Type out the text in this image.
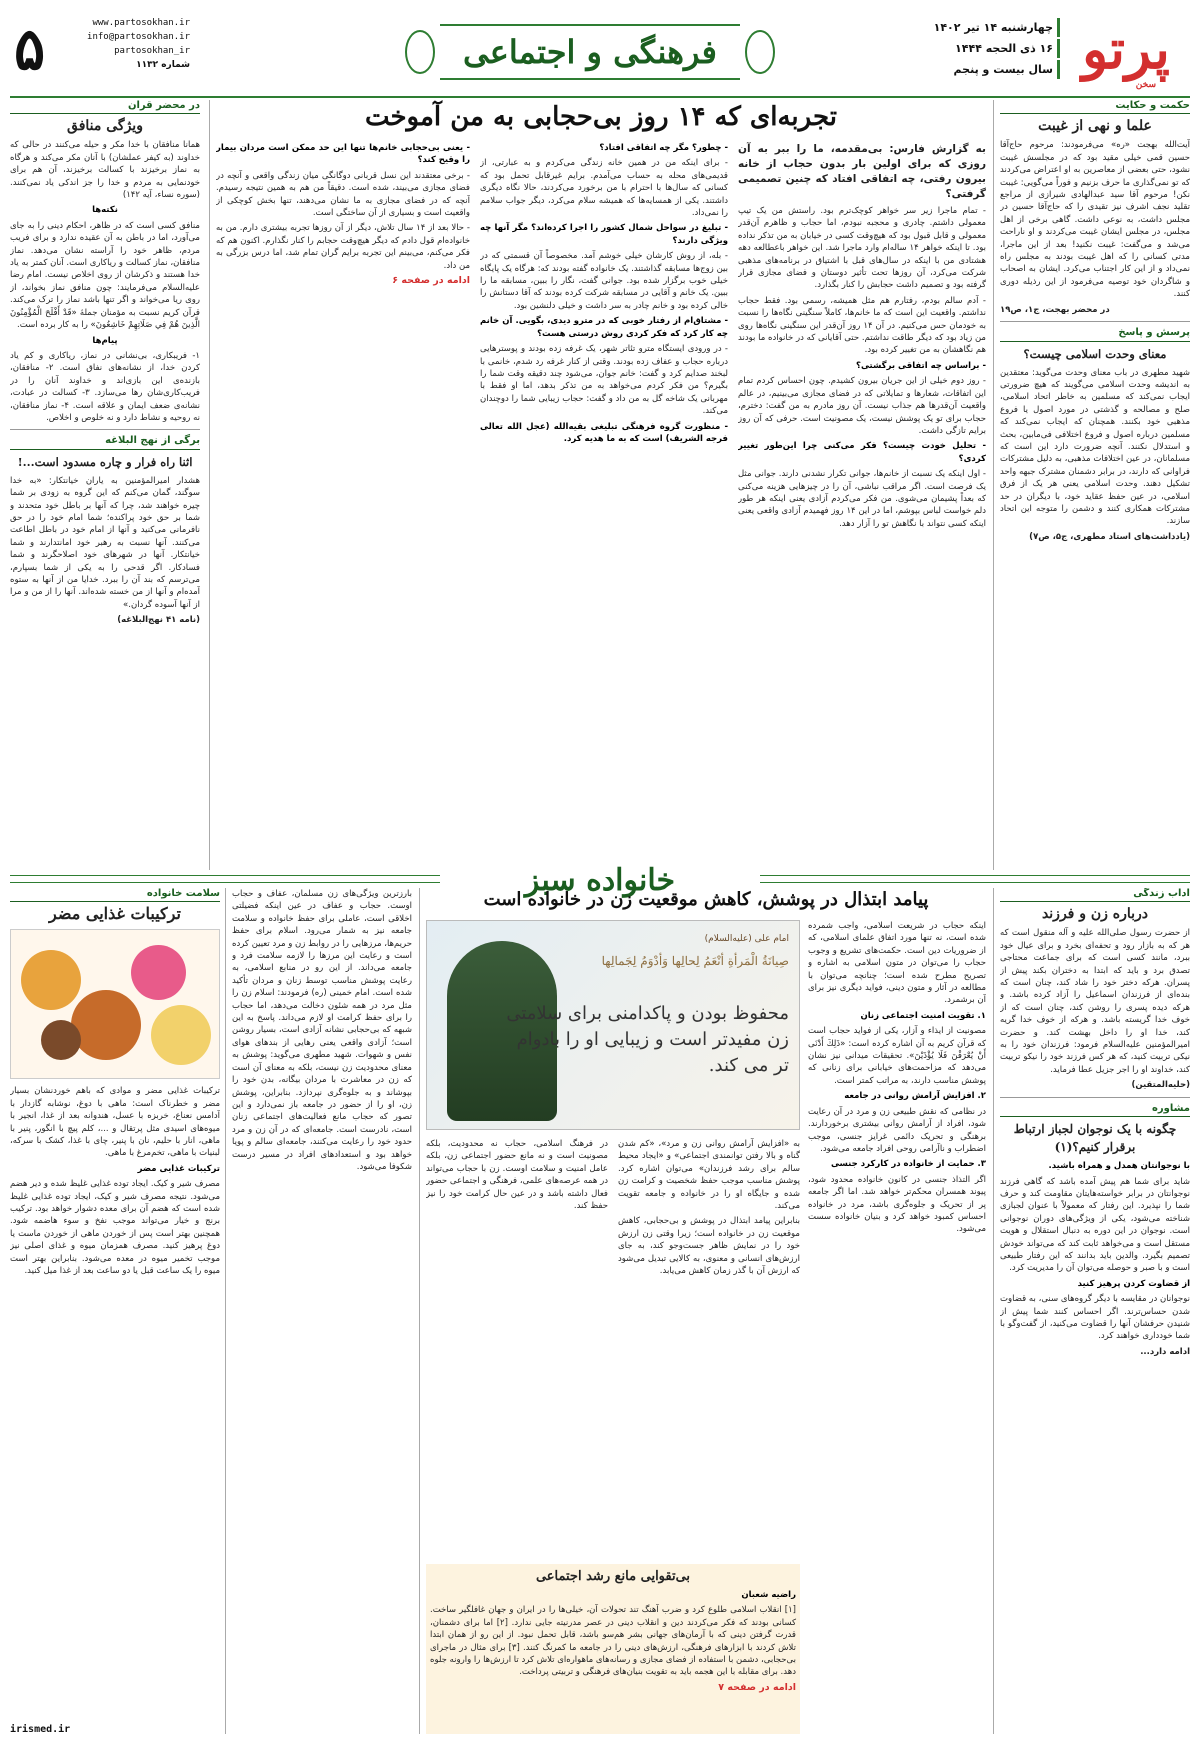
پرتو
سخن
چهارشنبه ۱۴ تیر ۱۴۰۲
۱۶ ذی الحجه ۱۴۴۴
سال بیست و پنجم
فرهنگی و اجتماعی
www.partosokhan.ir
info@partosokhan.ir
partosokhan_ir
شماره ۱۱۳۲
۵
حکمت و حکایت
علما و نهی از غیبت

آیت‌الله بهجت «ره» می‌فرمودند: مرحوم حاج‌آقا حسین قمی خیلی مقید بود که در مجلسش غیبت نشود، حتی بعضی از معاصرین به او اعتراض می‌کردند که تو نمی‌گذاری ما حرف بزنیم و فوراً می‌گویی: غیبت نکن! مرحوم آقا سید عبدالهادی شیرازی از مراجع تقلید نجف اشرف نیز تقیدی را که حاج‌آقا حسین در مجلس داشت، به نوعی داشت. گاهی برخی از اهل مجلس، در مجلس ایشان غیبت می‌کردند و او ناراحت می‌شد و می‌گفت: غیبت نکنید! بعد از این ماجرا، مدتی کسانی را که اهل غیبت بودند به مجلس راه نمی‌داد و از این کار اجتناب می‌کرد. ایشان به اصحاب و شاگردان خود توصیه می‌فرمود از این رذیله دوری کنند.

در محضر بهجت، ج۱، ص۱۹

پرسش و پاسخ
معنای وحدت اسلامی چیست؟

شهید مطهری در باب معنای وحدت می‌گوید: معتقدین به اندیشه وحدت اسلامی می‌گویند که هیچ ضرورتی ایجاب نمی‌کند که مسلمین به خاطر اتحاد اسلامی، صلح و مصالحه و گذشتی در مورد اصول یا فروع مذهبی خود بکنند. همچنان که ایجاب نمی‌کند که مسلمین درباره اصول و فروع اختلافی فی‌مابین، بحث و استدلال نکنند. آنچه ضرورت دارد این است که مسلمانان، در عین اختلافات مذهبی، به دلیل مشترکات فراوانی که دارند، در برابر دشمنان مشترک جبهه واحد تشکیل دهند. وحدت اسلامی یعنی هر یک از فرق اسلامی، در عین حفظ عقاید خود، با دیگران در حد مشترکات همکاری کنند و دشمن را متوجه این اتحاد سازند.

(یادداشت‌های استاد مطهری، ج۵، ص۷)

تجربه‌ای که ۱۴ روز بی‌حجابی به من آموخت

به گزارش فارس: بی‌مقدمه، ما را ببر به آن روزی که برای اولین بار بدون حجاب از خانه بیرون رفتی، چه اتفاقی افتاد که چنین تصمیمی گرفتی؟

- تمام ماجرا زیر سر خواهر کوچک‌ترم بود. راستش من یک تیپ معمولی داشتم. چادری و محجبه نبودم، اما حجاب و ظاهرم آن‌قدر معمولی و قابل قبول بود که هیچ‌وقت کسی در خیابان به من تذکر نداده بود. تا اینکه خواهر ۱۴ ساله‌ام وارد ماجرا شد. این خواهر باعطالعه دهه هشتادی من با اینکه در سال‌های قبل با اشتیاق در برنامه‌های مذهبی شرکت می‌کرد، آن روزها تحت تأثیر دوستان و فضای مجازی قرار گرفته بود و تصمیم داشت حجابش را کنار بگذارد.

- آدم سالم بودم، رفتارم هم مثل همیشه، رسمی بود. فقط حجاب نداشتم. واقعیت این است که ما خانم‌ها، کاملاً سنگینی نگاه‌ها را نسبت به خودمان حس می‌کنیم. در آن ۱۴ روز آن‌قدر این سنگینی نگاه‌ها روی من زیاد بود که دیگر طاقت نداشتم. حتی آقایانی که در خانواده ما بودند هم نگاهشان به من تغییر کرده بود.

- براساس چه اتفاقی برگشتی؟

- روز دوم خیلی از این جریان بیرون کشیدم. چون احساس کردم تمام این اتفاقات، شعارها و تمایلاتی که در فضای مجازی می‌بینیم، در عالم واقعیت آن‌قدرها هم جذاب نیست. آن روز مادرم به من گفت: دخترم، حجاب برای تو یک پوشش نیست، یک مصونیت است. حرفی که آن روز برایم تازگی داشت.

- تحلیل خودت چیست؟ فکر می‌کنی چرا این‌طور تغییر کردی؟

- اول اینکه یک نسبت از خانم‌ها، جوانی تکرار نشدنی دارند. جوانی مثل یک فرصت است. اگر مراقب نباشی، آن را در چیزهایی هزینه می‌کنی که بعداً پشیمان می‌شوی. من فکر می‌کردم آزادی یعنی اینکه هر طور دلم خواست لباس بپوشم، اما در این ۱۴ روز فهمیدم آزادی واقعی یعنی اینکه کسی نتواند با نگاهش تو را آزار دهد.

- چطور؟ مگر چه اتفاقی افتاد؟

- برای اینکه من در همین خانه زندگی می‌کردم و به عبارتی، از قدیمی‌های محله به حساب می‌آمدم. برایم غیرقابل تحمل بود که کسانی که سال‌ها با احترام با من برخورد می‌کردند، حالا نگاه دیگری داشتند. یکی از همسایه‌ها که همیشه سلام می‌کرد، دیگر جواب سلامم را نمی‌داد.

- تبلیغ در سواحل شمال کشور را اجرا کرده‌اند؟ مگر آنها چه ویژگی دارند؟

- بله، از روش کارشان خیلی خوشم آمد. مخصوصاً آن قسمتی که در بین زوج‌ها مسابقه گذاشتند. یک خانواده گفته بودند که: هرگاه یک پایگاه خیلی خوب برگزار شده بود. جوانی گفت، نگار را ببین، مسابقه ما را ببین. یک خانم و آقایی در مسابقه شرکت کرده بودند که آقا دستانش را خالی کرده بود و خانم چادر به سر داشت و خیلی دلنشین بود.

- مشتاق‌ام از رفتار خوبی که در مترو دیدی، بگویی. آن خانم چه کار کرد که فکر کردی روش درستی هست؟

- در ورودی ایستگاه مترو تئاتر شهر، یک غرفه زده بودند و پوسترهایی درباره حجاب و عفاف زده بودند. وقتی از کنار غرفه رد شدم، خانمی با لبخند صدایم کرد و گفت: خانم جوان، می‌شود چند دقیقه وقت شما را بگیرم؟ من فکر کردم می‌خواهد به من تذکر بدهد، اما او فقط با مهربانی یک شاخه گل به من داد و گفت: حجاب زیبایی شما را دوچندان می‌کند.

- منظورت گروه فرهنگی تبلیغی بقیه‌الله (عجل الله تعالی فرجه الشریف) است که به ما هدیه کرد.

- یعنی بی‌حجابی خانم‌ها تنها این حد ممکن است مردان بیمار را وقیح کند؟

- برخی معتقدند این نسل قربانی دوگانگی میان زندگی واقعی و آنچه در فضای مجازی می‌بیند، شده است. دقیقاً من هم به همین نتیجه رسیدم. آنچه که در فضای مجازی به ما نشان می‌دهند، تنها بخش کوچکی از واقعیت است و بسیاری از آن ساختگی است.

- حالا بعد از ۱۴ سال تلاش، دیگر از آن روزها تجربه بیشتری دارم. من به خانواده‌ام قول دادم که دیگر هیچ‌وقت حجابم را کنار نگذارم. اکنون هم که فکر می‌کنم، می‌بینم این تجربه برایم گران تمام شد، اما درس بزرگی به من داد.

ادامه در صفحه ۶

در محضر قرآن
ویژگی منافق

همانا منافقان با خدا مکر و حیله می‌کنند در حالی که خداوند (به کیفر عملشان) با آنان مکر می‌کند و هرگاه به نماز برخیزند با کسالت برخیزند، آن هم برای خودنمایی به مردم و خدا را جز اندکی یاد نمی‌کنند. (سوره نساء، آیه ۱۴۲)

نکته‌ها

منافق کسی است که در ظاهر، احکام دینی را به جای می‌آورد، اما در باطن به آن عقیده ندارد و برای فریب مردم، ظاهر خود را آراسته نشان می‌دهد. نماز منافقان، نماز کسالت و ریاکاری است. آنان کمتر به یاد خدا هستند و ذکرشان از روی اخلاص نیست. امام رضا علیه‌السلام می‌فرمایند: چون منافق نماز بخواند، از روی ریا می‌خواند و اگر تنها باشد نماز را ترک می‌کند. قرآن کریم نسبت به مؤمنان جملهٔ «قَدْ أَفْلَحَ الْمُؤْمِنُونَ الَّذِينَ هُمْ فِي صَلَاتِهِمْ خَاشِعُونَ» را به کار برده است.

پیام‌ها

۱- فریبکاری، بی‌نشانی در نماز، ریاکاری و کم یاد کردن خدا، از نشانه‌های نفاق است. ۲- منافقان، بازنده‌ی این بازی‌اند و خداوند آنان را در فریب‌کاری‌شان رها می‌سازد. ۳- کسالت در عبادت، نشانه‌ی ضعف ایمان و علاقه است. ۴- نماز منافقان، نه روحیه و نشاط دارد و نه خلوص و اخلاص.

برگی از نهج البلاغه
اثنا راه فرار و چاره مسدود است...!

هشدار امیرالمؤمنین به یاران خیانتکار: «به خدا سوگند، گمان می‌کنم که این گروه به زودی بر شما چیره خواهند شد، چرا که آنها بر باطل خود متحدند و شما بر حق خود پراکنده؛ شما امام خود را در حق نافرمانی می‌کنید و آنها از امام خود در باطل اطاعت می‌کنند. آنها نسبت به رهبر خود امانتدارند و شما خیانتکار. آنها در شهرهای خود اصلاحگرند و شما فسادکار. اگر قدحی را به یکی از شما بسپارم، می‌ترسم که بند آن را ببرد. خدایا من از آنها به ستوه آمده‌ام و آنها از من خسته شده‌اند. آنها را از من و مرا از آنها آسوده گردان.»

(نامه ۴۱ نهج‌البلاغه)

خانواده سبز	آداب زندگی
درباره زن و فرزند

از حضرت رسول صلی‌الله علیه و آله منقول است که هر که به بازار رود و تحفه‌ای بخرد و برای عیال خود ببرد، مانند کسی است که برای جماعت محتاجی تصدق برد و باید که ابتدا به دختران بکند پیش از پسران. هرکه دختر خود را شاد کند، چنان است که بنده‌ای از فرزندان اسماعیل را آزاد کرده باشد. و هرکه دیده پسری را روشن کند، چنان است که از خوف خدا گریسته باشد. و هرکه از خوف خدا گریه کند، خدا او را داخل بهشت کند. و حضرت امیرالمؤمنین علیه‌السلام فرمود: فرزندان خود را به نیکی تربیت کنید، که هر کس فرزند خود را نیکو تربیت کند، خداوند او را اجر جزیل عطا فرماید.

(حلیه‌المتقین)

مشاوره
چگونه با یک نوجوان لجباز ارتباط برقرار کنیم؟(۱)

با نوجوانتان همدل و همراه باشید.

شاید برای شما هم پیش آمده باشد که گاهی فرزند نوجوانتان در برابر خواسته‌هایتان مقاومت کند و حرف شما را نپذیرد. این رفتار که معمولاً با عنوان لجبازی شناخته می‌شود، یکی از ویژگی‌های دوران نوجوانی است. نوجوان در این دوره به دنبال استقلال و هویت مستقل است و می‌خواهد ثابت کند که می‌تواند خودش تصمیم بگیرد. والدین باید بدانند که این رفتار طبیعی است و با صبر و حوصله می‌توان آن را مدیریت کرد.

از قضاوت کردن پرهیز کنید

نوجوانان در مقایسه با دیگر گروه‌های سنی، به قضاوت شدن حساس‌ترند. اگر احساس کنند شما پیش از شنیدن حرفشان آنها را قضاوت می‌کنید، از گفت‌وگو با شما خودداری خواهند کرد.

ادامه دارد...

پیامد ابتذال در پوشش، کاهش موقعیت زن در خانواده است

اینکه حجاب در شریعت اسلامی، واجب شمرده شده است، نه تنها مورد اتفاق علمای اسلامی، که از ضروریات دین است. حکمت‌های تشریع و وجوب حجاب را می‌توان در متون اسلامی به اشاره و تصریح مطرح شده است؛ چنانچه می‌توان با مطالعه در آثار و متون دینی، فواید دیگری نیز برای آن برشمرد.

۱. تقویت امنیت اجتماعی زنان

مصونیت از ایذاء و آزار، یکی از فواید حجاب است که قرآن کریم به آن اشاره کرده است: «ذَلِكَ أَدْنَى أَنْ يُعْرَفْنَ فَلَا يُؤْذَيْنَ». تحقیقات میدانی نیز نشان می‌دهد که مزاحمت‌های خیابانی برای زنانی که پوشش مناسب دارند، به مراتب کمتر است.

۲. افزایش آرامش روانی در جامعه

در نظامی که نقش طبیعی زن و مرد در آن رعایت شود، افراد از آرامش روانی بیشتری برخوردارند. برهنگی و تحریک دائمی غرایز جنسی، موجب اضطراب و ناآرامی روحی افراد جامعه می‌شود.

۳. حمایت از خانواده در کارکرد جنسی

اگر التذاذ جنسی در کانون خانواده محدود شود، پیوند همسران محکم‌تر خواهد شد. اما اگر جامعه پر از تحریک و جلوه‌گری باشد، مرد در خانواده احساس کمبود خواهد کرد و بنیان خانواده سست می‌شود.

امام علی (علیه‌السلام)
صِیانَةُ الْمَرأةِ أنْعَمُ لِحالِها وَأدْوَمُ لِجَمالِها
محفوظ بودن و پاکدامنی برای سلامتی زن مفیدتر است و زیبایی او را بادوام تر می کند.

به «افزایش آرامش روانی زن و مرد»، «کم شدن گناه و بالا رفتن توانمندی اجتماعی» و «ایجاد محیط سالم برای رشد فرزندان» می‌توان اشاره کرد. پوشش مناسب موجب حفظ شخصیت و کرامت زن شده و جایگاه او را در خانواده و جامعه تقویت می‌کند.

بنابراین پیامد ابتذال در پوشش و بی‌حجابی، کاهش موقعیت زن در خانواده است؛ زیرا وقتی زن ارزش خود را در نمایش ظاهر جست‌وجو کند، به جای ارزش‌های انسانی و معنوی، به کالایی تبدیل می‌شود که ارزش آن با گذر زمان کاهش می‌یابد.

در فرهنگ اسلامی، حجاب نه محدودیت، بلکه مصونیت است و نه مانع حضور اجتماعی زن، بلکه عامل امنیت و سلامت اوست. زن با حجاب می‌تواند در همه عرصه‌های علمی، فرهنگی و اجتماعی حضور فعال داشته باشد و در عین حال کرامت خود را نیز حفظ کند.

بی‌تقوایی مانع رشد اجتماعی

راضیه شعبان

[۱] انقلاب اسلامی طلوع کرد و ضرب آهنگ تند تحولات آن، خیلی‌ها را در ایران و جهان غافلگیر ساخت. کسانی بودند که فکر می‌کردند دین و انقلاب دینی در عصر مدرنیته جایی ندارد. [۲] اما برای دشمنان، قدرت گرفتن دینی که با آرمان‌های جهانی بشر هم‌سو باشد، قابل تحمل نبود. از این رو از همان ابتدا تلاش کردند با ابزارهای فرهنگی، ارزش‌های دینی را در جامعه ما کمرنگ کنند. [۳] برای مثال در ماجرای بی‌حجابی، دشمن با استفاده از فضای مجازی و رسانه‌های ماهواره‌ای تلاش کرد تا ارزش‌ها را وارونه جلوه دهد. برای مقابله با این هجمه باید به تقویت بنیان‌های فرهنگی و تربیتی پرداخت.

ادامه در صفحه ۷

بارزترین ویژگی‌های زن مسلمان، عفاف و حجاب اوست. حجاب و عفاف در عین اینکه فضیلتی اخلاقی است، عاملی برای حفظ خانواده و سلامت جامعه نیز به شمار می‌رود. اسلام برای حفظ حریم‌ها، مرزهایی را در روابط زن و مرد تعیین کرده است و رعایت این مرزها را لازمه سلامت فرد و جامعه می‌داند. از این رو در منابع اسلامی، به رعایت پوشش مناسب توسط زنان و مردان تأکید شده است. امام خمینی (ره) فرمودند: اسلام زن را مثل مرد در همه شئون دخالت می‌دهد، اما حجاب را برای حفظ کرامت او لازم می‌داند. پاسخ به این شبهه که بی‌حجابی نشانه آزادی است، بسیار روشن است؛ آزادی واقعی یعنی رهایی از بندهای هوای نفس و شهوات. شهید مطهری می‌گوید: پوشش به معنای محدودیت زن نیست، بلکه به معنای آن است که زن در معاشرت با مردان بیگانه، بدن خود را بپوشاند و به جلوه‌گری نپردازد. بنابراین، پوشش زن، او را از حضور در جامعه باز نمی‌دارد و این تصور که حجاب مانع فعالیت‌های اجتماعی زنان است، نادرست است. جامعه‌ای که در آن زن و مرد حدود خود را رعایت می‌کنند، جامعه‌ای سالم و پویا خواهد بود و استعدادهای افراد در مسیر درست شکوفا می‌شود.

سلامت خانواده
ترکیبات غذایی مضر

ترکیبات غذایی مضر و موادی که باهم خوردنشان بسیار مضر و خطرناک است: ماهی با دوغ، نوشابه گازدار با آدامس نعناع، خربزه با عسل، هندوانه بعد از غذا، انجیر با میوه‌های اسیدی مثل پرتقال و ...، کلم پیچ با انگور، پنیر با ماهی، انار با حلیم، نان با پنیر، چای با غذا، کشک با سرکه، لبنیات با ماهی، تخم‌مرغ با ماهی.

ترکیبات غذایی مضر

مصرف شیر و کیک. ایجاد توده غذایی غلیظ شده و دیر هضم می‌شود. نتیجه مصرف شیر و کیک، ایجاد توده غذایی غلیظ شده است که هضم آن برای معده دشوار خواهد بود. ترکیب برنج و خیار می‌تواند موجب نفخ و سوء هاضمه شود. همچنین بهتر است پس از خوردن ماهی از خوردن ماست یا دوغ پرهیز کنید. مصرف همزمان میوه و غذای اصلی نیز موجب تخمیر میوه در معده می‌شود. بنابراین بهتر است میوه را یک ساعت قبل یا دو ساعت بعد از غذا میل کنید.

irismed.ir
